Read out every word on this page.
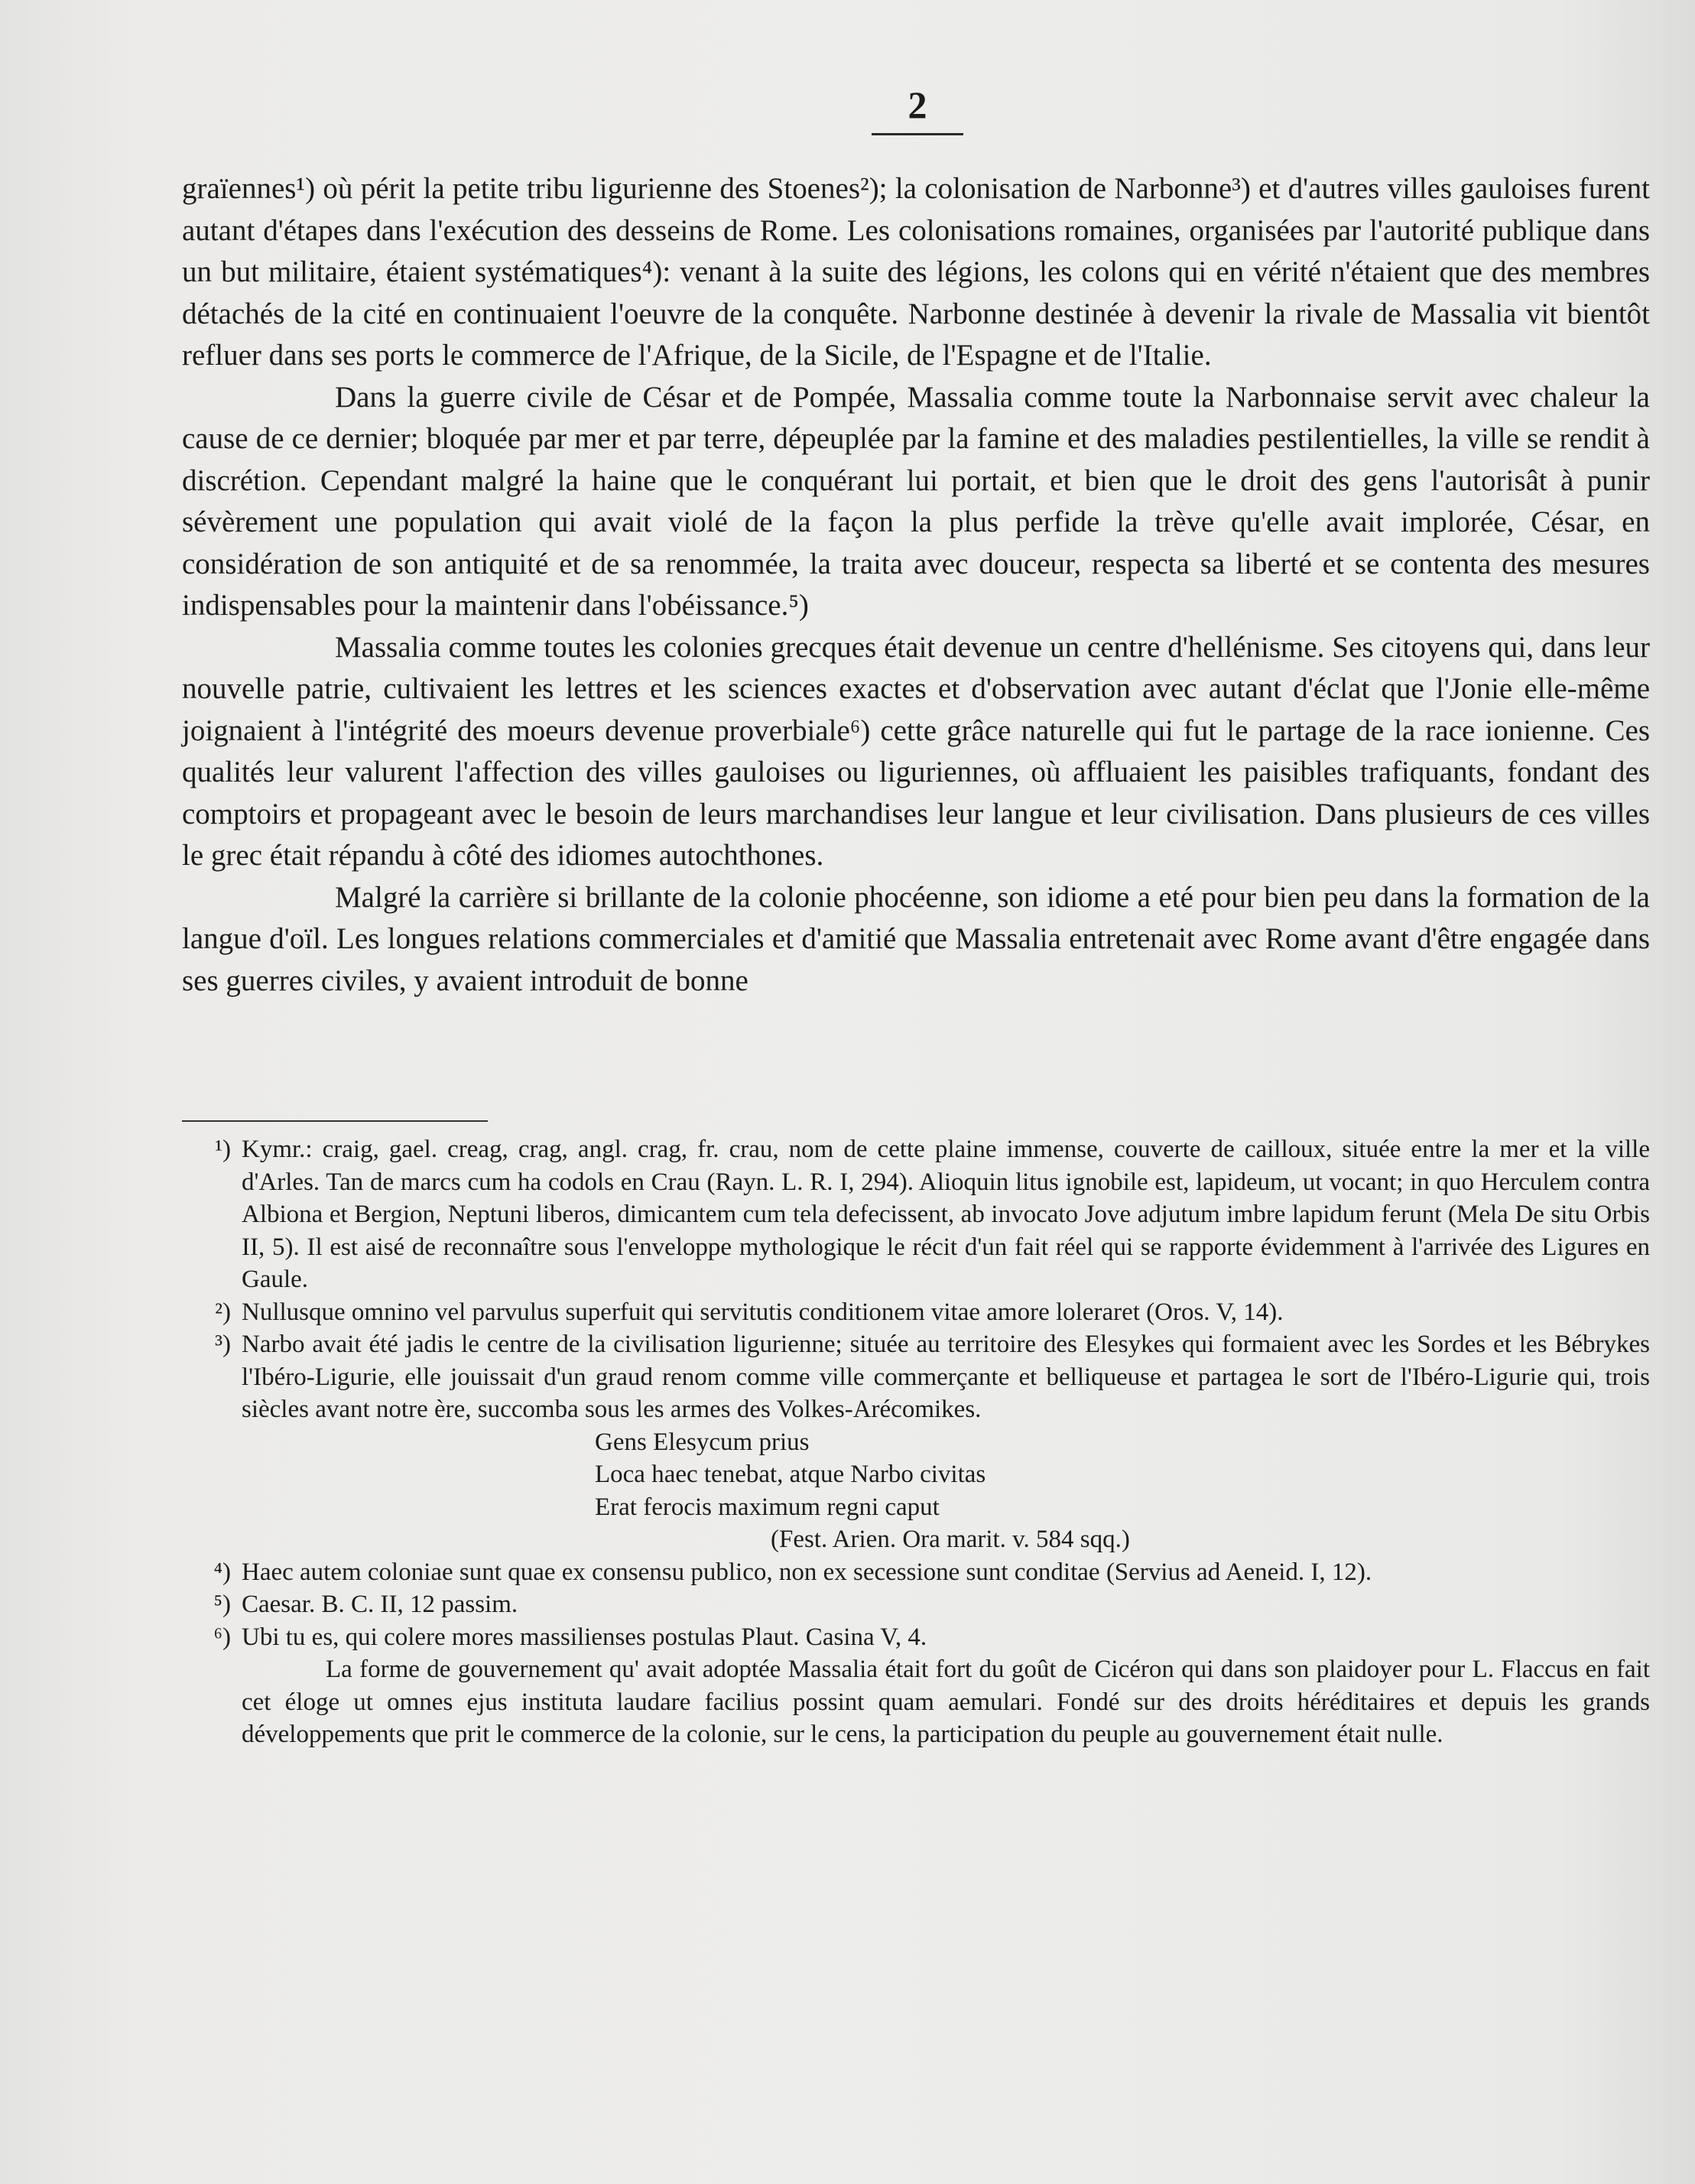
2

graïennes¹) où périt la petite tribu ligurienne des Stoenes²); la colonisation de Narbonne³) et d'autres villes gauloises furent autant d'étapes dans l'exécution des desseins de Rome. Les colonisations romaines, organisées par l'autorité publique dans un but militaire, étaient systématiques⁴): venant à la suite des légions, les colons qui en vérité n'étaient que des membres détachés de la cité en continuaient l'oeuvre de la conquête. Narbonne destinée à devenir la rivale de Massalia vit bientôt refluer dans ses ports le commerce de l'Afrique, de la Sicile, de l'Espagne et de l'Italie.

Dans la guerre civile de César et de Pompée, Massalia comme toute la Narbonnaise servit avec chaleur la cause de ce dernier; bloquée par mer et par terre, dépeuplée par la famine et des maladies pestilentielles, la ville se rendit à discrétion. Cependant malgré la haine que le conquérant lui portait, et bien que le droit des gens l'autorisât à punir sévèrement une population qui avait violé de la façon la plus perfide la trève qu'elle avait implorée, César, en considération de son antiquité et de sa renommée, la traita avec douceur, respecta sa liberté et se contenta des mesures indispensables pour la maintenir dans l'obéissance.⁵)

Massalia comme toutes les colonies grecques était devenue un centre d'hellénisme. Ses citoyens qui, dans leur nouvelle patrie, cultivaient les lettres et les sciences exactes et d'observation avec autant d'éclat que l'Jonie elle-même joignaient à l'intégrité des moeurs devenue proverbiale⁶) cette grâce naturelle qui fut le partage de la race ionienne. Ces qualités leur valurent l'affection des villes gauloises ou liguriennes, où affluaient les paisibles trafiquants, fondant des comptoirs et propageant avec le besoin de leurs marchandises leur langue et leur civilisation. Dans plusieurs de ces villes le grec était répandu à côté des idiomes autochthones.

Malgré la carrière si brillante de la colonie phocéenne, son idiome a eté pour bien peu dans la formation de la langue d'oïl. Les longues relations commerciales et d'amitié que Massalia entretenait avec Rome avant d'être engagée dans ses guerres civiles, y avaient introduit de bonne

¹) Kymr.: craig, gael. creag, crag, angl. crag, fr. crau, nom de cette plaine immense, couverte de cailloux, située entre la mer et la ville d'Arles. Tan de marcs cum ha codols en Crau (Rayn. L. R. I, 294). Alioquin litus ignobile est, lapideum, ut vocant; in quo Herculem contra Albiona et Bergion, Neptuni liberos, dimicantem cum tela defecissent, ab invocato Jove adjutum imbre lapidum ferunt (Mela De situ Orbis II, 5). Il est aisé de reconnaître sous l'enveloppe mythologique le récit d'un fait réel qui se rapporte évidemment à l'arrivée des Ligures en Gaule.
²) Nullusque omnino vel parvulus superfuit qui servitutis conditionem vitae amore loleraret (Oros. V, 14).
³) Narbo avait été jadis le centre de la civilisation ligurienne; située au territoire des Elesykes qui formaient avec les Sordes et les Bébrykes l'Ibéro-Ligurie, elle jouissait d'un graud renom comme ville commerçante et belliqueuse et partagea le sort de l'Ibéro-Ligurie qui, trois siècles avant notre ère, succomba sous les armes des Volkes-Arécomikes.
Gens Elesycum prius
Loca haec tenebat, atque Narbo civitas
Erat ferocis maximum regni caput
(Fest. Arien. Ora marit. v. 584 sqq.)
⁴) Haec autem coloniae sunt quae ex consensu publico, non ex secessione sunt conditae (Servius ad Aeneid. I, 12).
⁵) Caesar. B. C. II, 12 passim.
⁶) Ubi tu es, qui colere mores massilienses postulas Plaut. Casina V, 4.

La forme de gouvernement qu' avait adoptée Massalia était fort du goût de Cicéron qui dans son plaidoyer pour L. Flaccus en fait cet éloge ut omnes ejus instituta laudare facilius possint quam aemulari. Fondé sur des droits héréditaires et depuis les grands développements que prit le commerce de la colonie, sur le cens, la participation du peuple au gouvernement était nulle.
